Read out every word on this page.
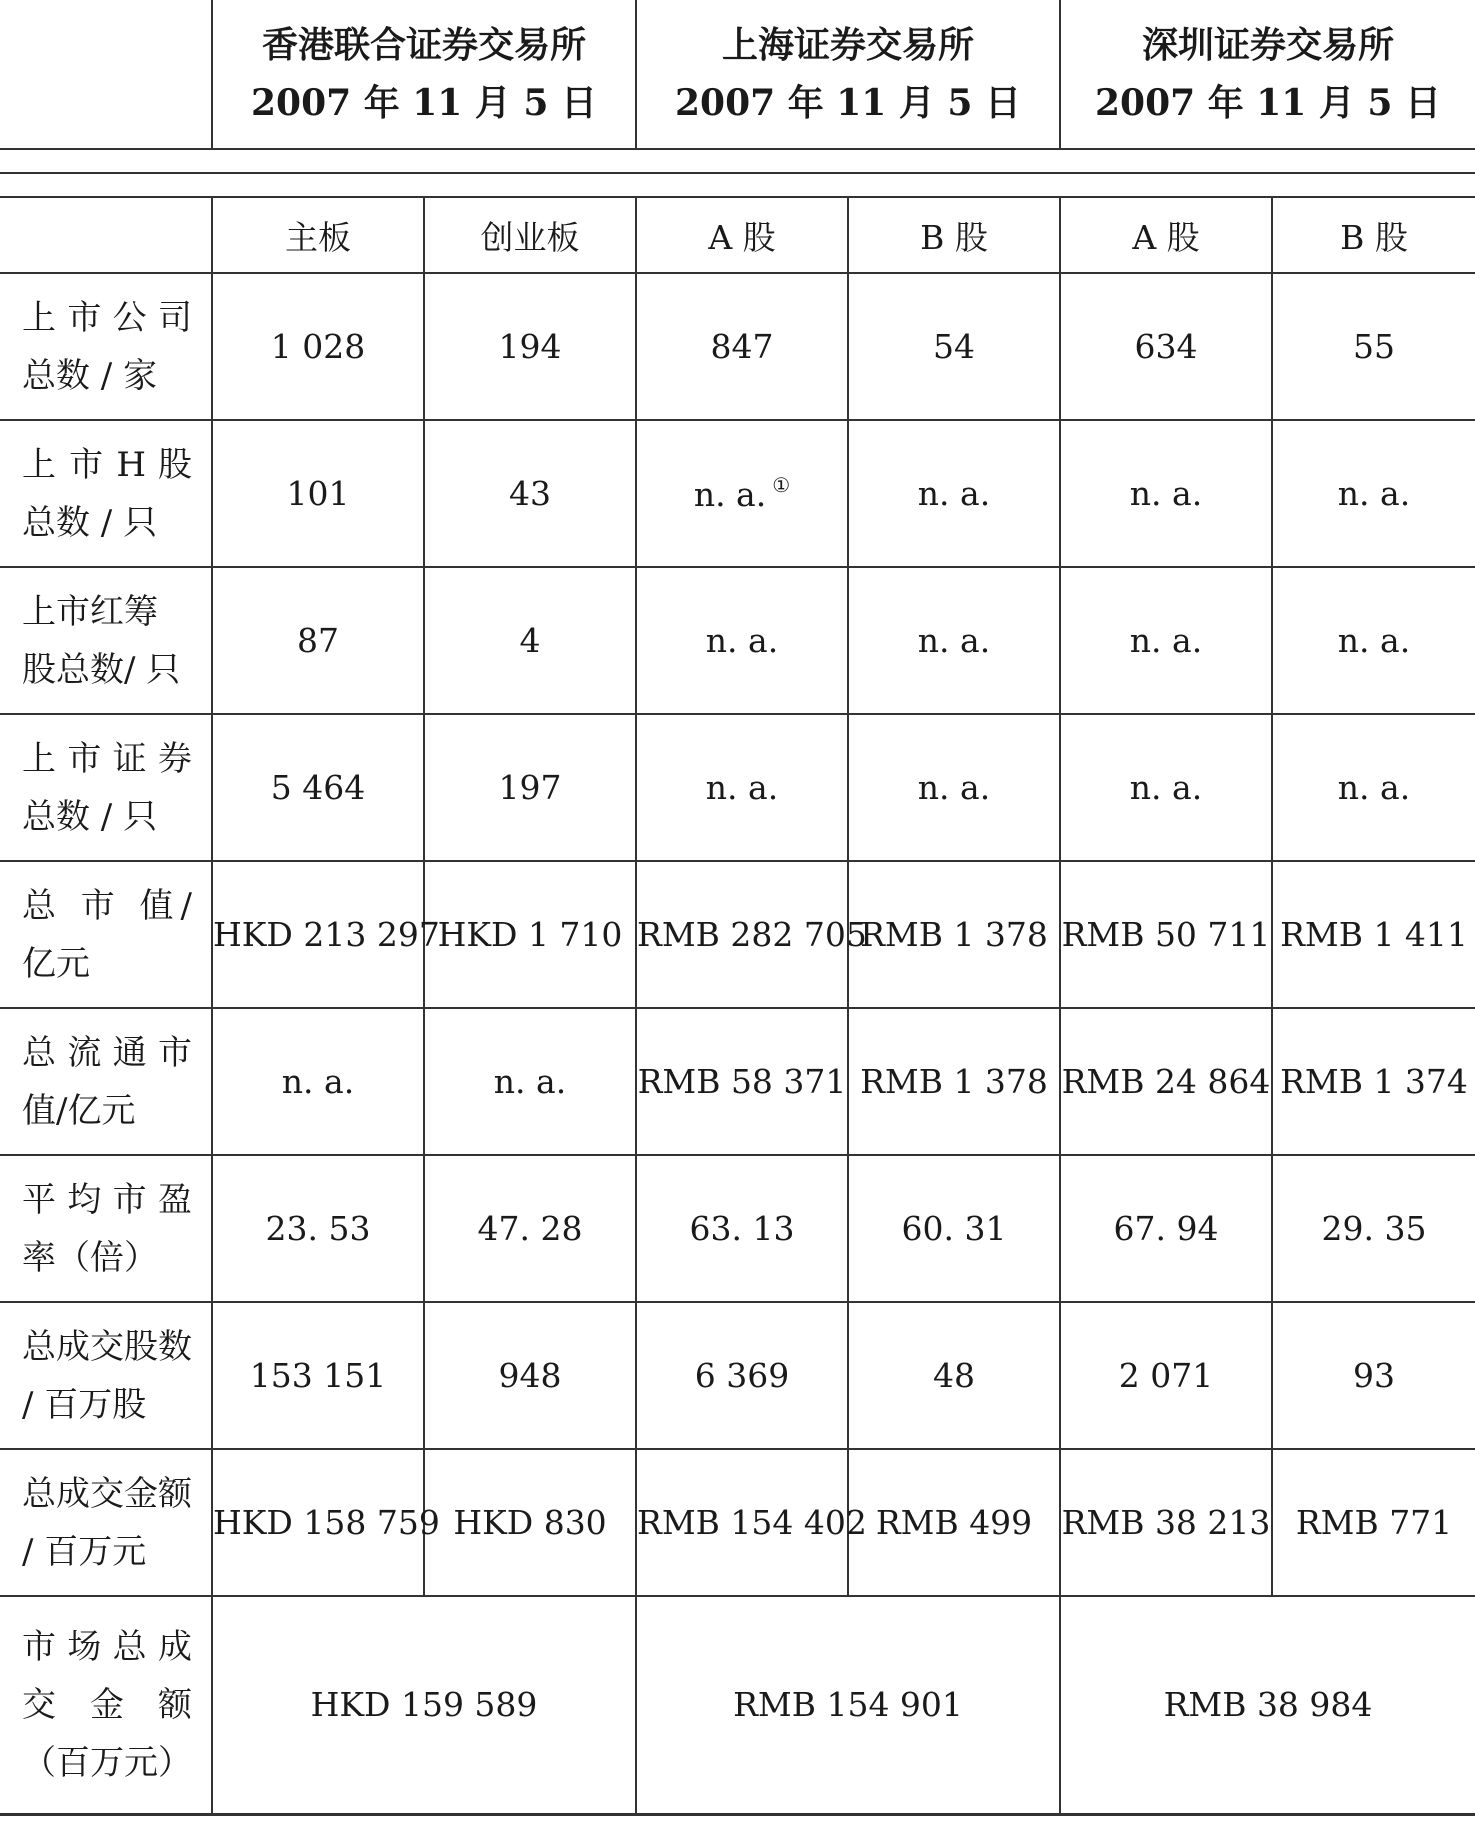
香港联合证券交易所
2007 年 11 月 5 日

上海证券交易所
2007 年 11 月 5 日

深圳证券交易所
2007 年 11 月 5 日
	主板	创业板	A 股	B 股	A 股	B 股

上 市 公 司
总数 / 家	1 028	194	847	54	634	55

上 市 H 股
总数 / 只	101	43	n. a. ①	n. a.	n. a.	n. a.

上市红筹
股总数/ 只	87	4	n. a.	n. a.	n. a.	n. a.

上 市 证 券
总数 / 只	5 464	197	n. a.	n. a.	n. a.	n. a.

总 市 值/
亿元	HKD 213 297	HKD 1 710	RMB 282 705	RMB 1 378	RMB 50 711	RMB 1 411

总 流 通 市
值/亿元	n. a.	n. a.	RMB 58 371	RMB 1 378	RMB 24 864	RMB 1 374

平 均 市 盈
率（倍）	23. 53	47. 28	63. 13	60. 31	67. 94	29. 35

总成交股数
/ 百万股	153 151	948	6 369	48	2 071	93

总成交金额
/ 百万元	HKD 158 759	HKD 830	RMB 154 402	RMB 499	RMB 38 213	RMB 771

市 场 总 成
交 金 额
（百万元）	HKD 159 589		RMB 154 901		RMB 38 984	
